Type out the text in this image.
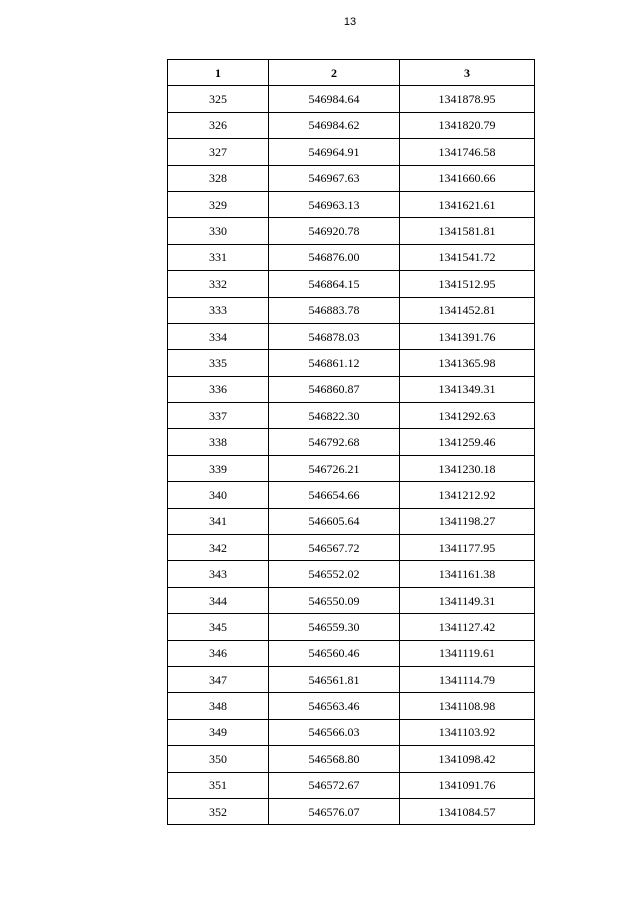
13
1	2	3
325	546984.64	1341878.95
326	546984.62	1341820.79
327	546964.91	1341746.58
328	546967.63	1341660.66
329	546963.13	1341621.61
330	546920.78	1341581.81
331	546876.00	1341541.72
332	546864.15	1341512.95
333	546883.78	1341452.81
334	546878.03	1341391.76
335	546861.12	1341365.98
336	546860.87	1341349.31
337	546822.30	1341292.63
338	546792.68	1341259.46
339	546726.21	1341230.18
340	546654.66	1341212.92
341	546605.64	1341198.27
342	546567.72	1341177.95
343	546552.02	1341161.38
344	546550.09	1341149.31
345	546559.30	1341127.42
346	546560.46	1341119.61
347	546561.81	1341114.79
348	546563.46	1341108.98
349	546566.03	1341103.92
350	546568.80	1341098.42
351	546572.67	1341091.76
352	546576.07	1341084.57
